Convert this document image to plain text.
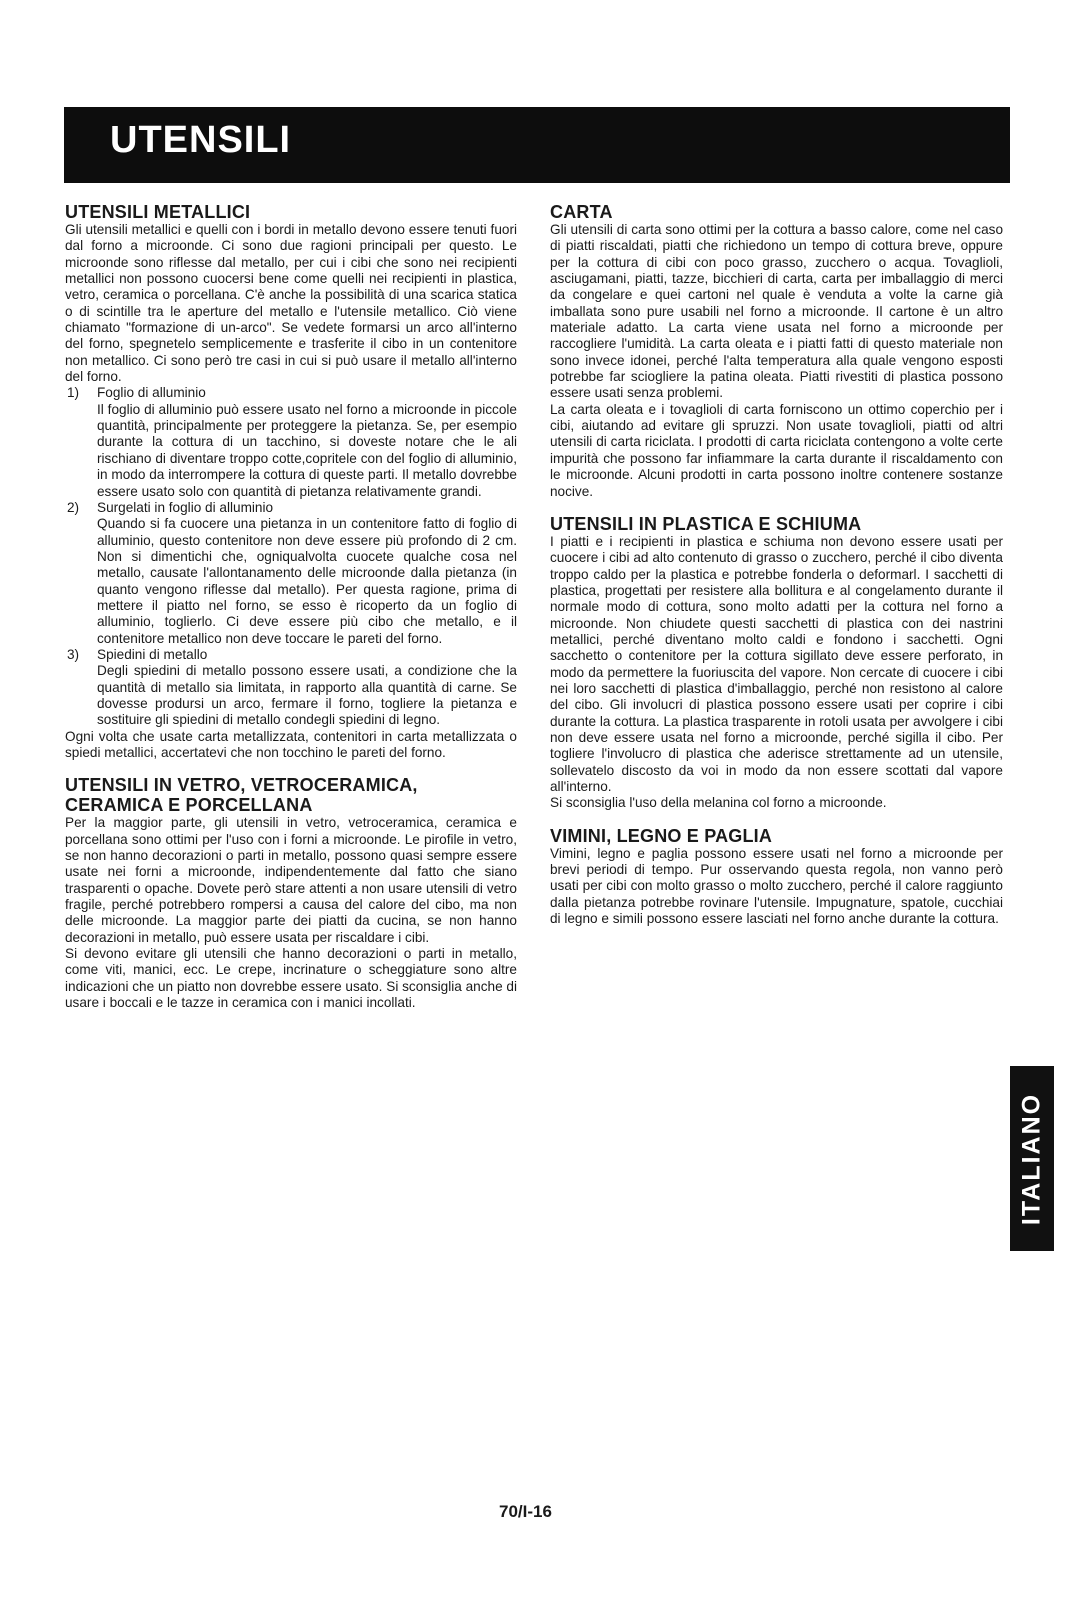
UTENSILI
UTENSILI METALLICI

Gli utensili metallici e quelli con i bordi in metallo devono essere tenuti fuori dal forno a microonde. Ci sono due ragioni principali per questo. Le microonde sono riflesse dal metallo, per cui i cibi che sono nei recipienti metallici non possono cuocersi bene come quelli nei recipienti in plastica, vetro, ceramica o porcellana. C'è anche la possibilità di una scarica statica o di scintille tra le aperture del metallo e l'utensile metallico. Ciò viene chiamato "formazione di un-arco". Se vedete formarsi un arco all'interno del forno, spegnetelo semplicemente e trasferite il cibo in un contenitore non metallico. Ci sono però tre casi in cui si può usare il metallo all'interno del forno.

1) Foglio di alluminio
Il foglio di alluminio può essere usato nel forno a microonde in piccole quantità, principalmente per proteggere la pietanza. Se, per esempio durante la cottura di un tacchino, si doveste notare che le ali rischiano di diventare troppo cotte,copritele con del foglio di alluminio, in modo da interrompere la cottura di queste parti. Il metallo dovrebbe essere usato solo con quantità di pietanza relativamente grandi.
2) Surgelati in foglio di alluminio
Quando si fa cuocere una pietanza in un contenitore fatto di foglio di alluminio, questo contenitore non deve essere più profondo di 2 cm. Non si dimentichi che, ogniqualvolta cuocete qualche cosa nel metallo, causate l'allontanamento delle microonde dalla pietanza (in quanto vengono riflesse dal metallo). Per questa ragione, prima di mettere il piatto nel forno, se esso è ricoperto da un foglio di alluminio, toglierlo. Ci deve essere più cibo che metallo, e il contenitore metallico non deve toccare le pareti del forno.
3) Spiedini di metallo
Degli spiedini di metallo possono essere usati, a condizione che la quantità di metallo sia limitata, in rapporto alla quantità di carne. Se dovesse prodursi un arco, fermare il forno, togliere la pietanza e sostituire gli spiedini di metallo condegli spiedini di legno.

Ogni volta che usate carta metallizzata, contenitori in carta metallizzata o spiedi metallici, accertatevi che non tocchino le pareti del forno.

UTENSILI IN VETRO, VETROCERAMICA, CERAMICA E PORCELLANA

Per la maggior parte, gli utensili in vetro, vetroceramica, ceramica e porcellana sono ottimi per l'uso con i forni a microonde. Le pirofile in vetro, se non hanno decorazioni o parti in metallo, possono quasi sempre essere usate nei forni a microonde, indipendentemente dal fatto che siano trasparenti o opache. Dovete però stare attenti a non usare utensili di vetro fragile, perché potrebbero rompersi a causa del calore del cibo, ma non delle microonde. La maggior parte dei piatti da cucina, se non hanno decorazioni in metallo, può essere usata per riscaldare i cibi.

Si devono evitare gli utensili che hanno decorazioni o parti in metallo, come viti, manici, ecc. Le crepe, incrinature o scheggiature sono altre indicazioni che un piatto non dovrebbe essere usato. Si sconsiglia anche di usare i boccali e le tazze in ceramica con i manici incollati.

CARTA

Gli utensili di carta sono ottimi per la cottura a basso calore, come nel caso di piatti riscaldati, piatti che richiedono un tempo di cottura breve, oppure per la cottura di cibi con poco grasso, zucchero o acqua. Tovaglioli, asciugamani, piatti, tazze, bicchieri di carta, carta per imballaggio di merci da congelare e quei cartoni nel quale è venduta a volte la carne già imballata sono pure usabili nel forno a microonde. Il cartone è un altro materiale adatto. La carta viene usata nel forno a microonde per raccogliere l'umidità. La carta oleata e i piatti fatti di questo materiale non sono invece idonei, perché l'alta temperatura alla quale vengono esposti potrebbe far sciogliere la patina oleata. Piatti rivestiti di plastica possono essere usati senza problemi.

La carta oleata e i tovaglioli di carta forniscono un ottimo coperchio per i cibi, aiutando ad evitare gli spruzzi. Non usate tovaglioli, piatti od altri utensili di carta riciclata. I prodotti di carta riciclata contengono a volte certe impurità che possono far infiammare la carta durante il riscaldamento con le microonde. Alcuni prodotti in carta possono inoltre contenere sostanze nocive.

UTENSILI IN PLASTICA E SCHIUMA

I piatti e i recipienti in plastica e schiuma non devono essere usati per cuocere i cibi ad alto contenuto di grasso o zucchero, perché il cibo diventa troppo caldo per la plastica e potrebbe fonderla o deformarl. I sacchetti di plastica, progettati per resistere alla bollitura e al congelamento durante il normale modo di cottura, sono molto adatti per la cottura nel forno a microonde. Non chiudete questi sacchetti di plastica con dei nastrini metallici, perché diventano molto caldi e fondono i sacchetti. Ogni sacchetto o contenitore per la cottura sigillato deve essere perforato, in modo da permettere la fuoriuscita del vapore. Non cercate di cuocere i cibi nei loro sacchetti di plastica d'imballaggio, perché non resistono al calore del cibo. Gli involucri di plastica possono essere usati per coprire i cibi durante la cottura. La plastica trasparente in rotoli usata per avvolgere i cibi non deve essere usata nel forno a microonde, perché sigilla il cibo. Per togliere l'involucro di plastica che aderisce strettamente ad un utensile, sollevatelo discosto da voi in modo da non essere scottati dal vapore all'interno.

Si sconsiglia l'uso della melanina col forno a microonde.

VIMINI, LEGNO E PAGLIA

Vimini, legno e paglia possono essere usati nel forno a microonde per brevi periodi di tempo. Pur osservando questa regola, non vanno però usati per cibi con molto grasso o molto zucchero, perché il calore raggiunto dalla pietanza potrebbe rovinare l'utensile. Impugnature, spatole, cucchiai di legno e simili possono essere lasciati nel forno anche durante la cottura.

ITALIANO
70/I-16
